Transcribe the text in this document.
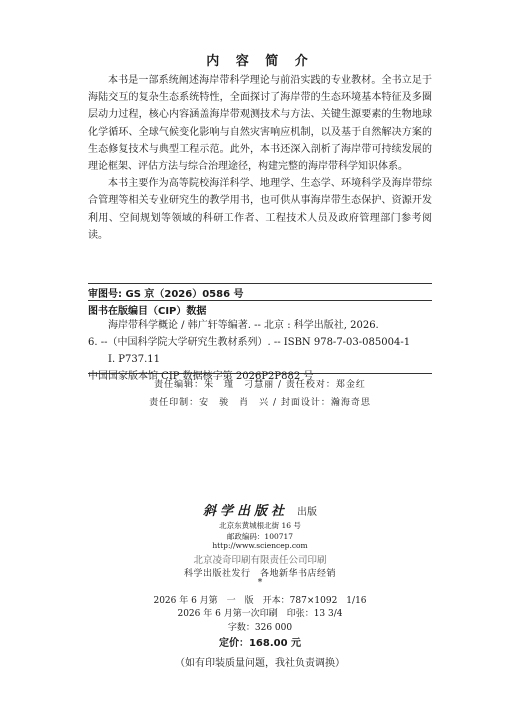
内 容 简 介

本书是一部系统阐述海岸带科学理论与前沿实践的专业教材。全书立足于海陆交互的复杂生态系统特性，全面探讨了海岸带的生态环境基本特征及多圈层动力过程，核心内容涵盖海岸带观测技术与方法、关键生源要素的生物地球化学循环、全球气候变化影响与自然灾害响应机制，以及基于自然解决方案的生态修复技术与典型工程示范。此外，本书还深入剖析了海岸带可持续发展的理论框架、评估方法与综合治理途径，构建完整的海岸带科学知识体系。

本书主要作为高等院校海洋科学、地理学、生态学、环境科学及海岸带综合管理等相关专业研究生的教学用书，也可供从事海岸带生态保护、资源开发利用、空间规划等领域的科研工作者、工程技术人员及政府管理部门参考阅读。

审图号: GS 京（2026）0586 号
图书在版编目（CIP）数据
海岸带科学概论 / 韩广轩等编著. -- 北京 : 科学出版社, 2026.
6. --（中国科学院大学研究生教材系列）. -- ISBN 978-7-03-085004-1
Ⅰ. P737.11
中国国家版本馆 CIP 数据核字第 2026P2P882 号
责任编辑：朱　瑾　刁慧丽 / 责任校对：郑金红
责任印制：安　骏　肖　兴 / 封面设计：瀚海奇思
斜学出版社 出版
北京东黄城根北街 16 号
邮政编码：100717
http://www.sciencep.com
北京凌奇印刷有限责任公司印刷
科学出版社发行　各地新华书店经销
*
2026 年 6 月第　一　版　开本：787×1092　1/16
2026 年 6 月第一次印刷　印张：13 3/4
字数：326 000
定价：168.00 元
（如有印装质量问题，我社负责调换）
